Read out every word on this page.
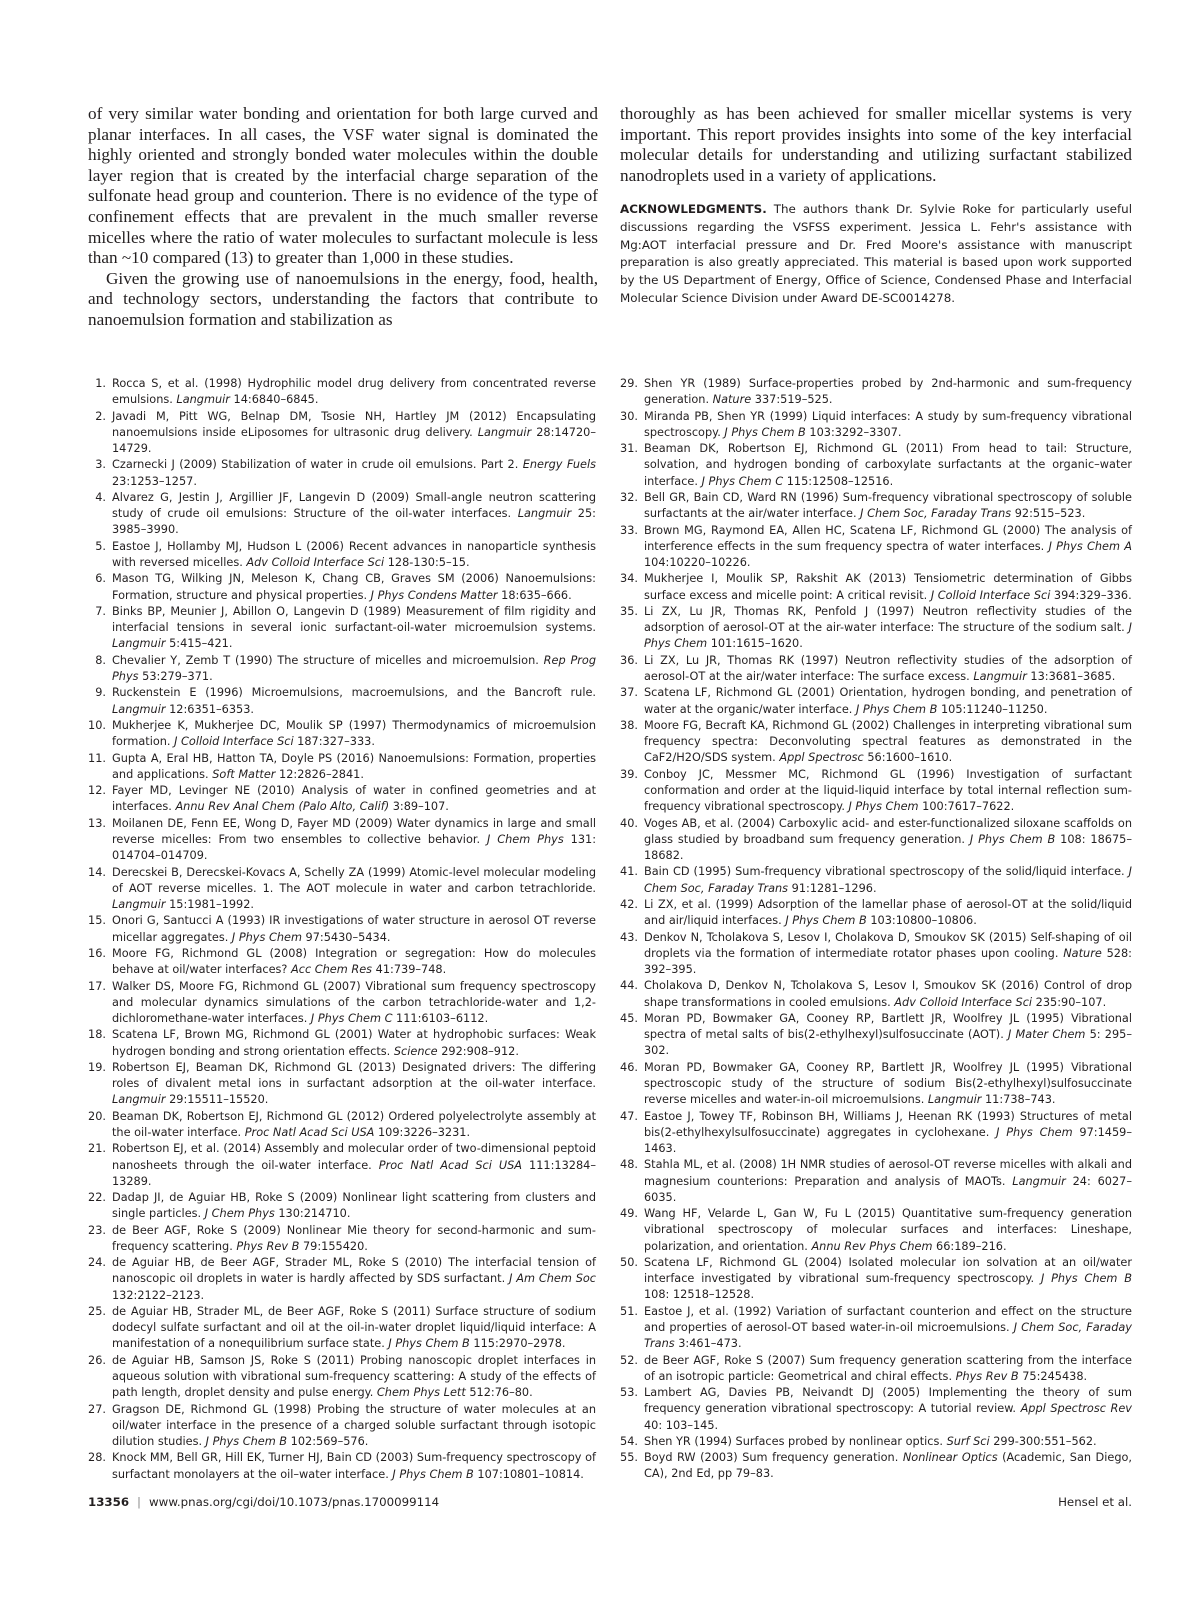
of very similar water bonding and orientation for both large curved and planar interfaces. In all cases, the VSF water signal is dominated the highly oriented and strongly bonded water molecules within the double layer region that is created by the interfacial charge separation of the sulfonate head group and counterion. There is no evidence of the type of confinement effects that are prevalent in the much smaller reverse micelles where the ratio of water molecules to surfactant molecule is less than ~10 compared (13) to greater than 1,000 in these studies.

Given the growing use of nanoemulsions in the energy, food, health, and technology sectors, understanding the factors that contribute to nanoemulsion formation and stabilization as

thoroughly as has been achieved for smaller micellar systems is very important. This report provides insights into some of the key interfacial molecular details for understanding and utilizing surfactant stabilized nanodroplets used in a variety of applications.

ACKNOWLEDGMENTS. The authors thank Dr. Sylvie Roke for particularly useful discussions regarding the VSFSS experiment. Jessica L. Fehr's assistance with Mg:AOT interfacial pressure and Dr. Fred Moore's assistance with manuscript preparation is also greatly appreciated. This material is based upon work supported by the US Department of Energy, Office of Science, Condensed Phase and Interfacial Molecular Science Division under Award DE-SC0014278.

1. Rocca S, et al. (1998) Hydrophilic model drug delivery from concentrated reverse emulsions. Langmuir 14:6840–6845.

2. Javadi M, Pitt WG, Belnap DM, Tsosie NH, Hartley JM (2012) Encapsulating nanoemulsions inside eLiposomes for ultrasonic drug delivery. Langmuir 28:14720–14729.

3. Czarnecki J (2009) Stabilization of water in crude oil emulsions. Part 2. Energy Fuels 23:1253–1257.

4. Alvarez G, Jestin J, Argillier JF, Langevin D (2009) Small-angle neutron scattering study of crude oil emulsions: Structure of the oil-water interfaces. Langmuir 25: 3985–3990.

5. Eastoe J, Hollamby MJ, Hudson L (2006) Recent advances in nanoparticle synthesis with reversed micelles. Adv Colloid Interface Sci 128-130:5–15.

6. Mason TG, Wilking JN, Meleson K, Chang CB, Graves SM (2006) Nanoemulsions: Formation, structure and physical properties. J Phys Condens Matter 18:635–666.

7. Binks BP, Meunier J, Abillon O, Langevin D (1989) Measurement of film rigidity and interfacial tensions in several ionic surfactant-oil-water microemulsion systems. Langmuir 5:415–421.

8. Chevalier Y, Zemb T (1990) The structure of micelles and microemulsion. Rep Prog Phys 53:279–371.

9. Ruckenstein E (1996) Microemulsions, macroemulsions, and the Bancroft rule. Langmuir 12:6351–6353.

10. Mukherjee K, Mukherjee DC, Moulik SP (1997) Thermodynamics of microemulsion formation. J Colloid Interface Sci 187:327–333.

11. Gupta A, Eral HB, Hatton TA, Doyle PS (2016) Nanoemulsions: Formation, properties and applications. Soft Matter 12:2826–2841.

12. Fayer MD, Levinger NE (2010) Analysis of water in confined geometries and at interfaces. Annu Rev Anal Chem (Palo Alto, Calif) 3:89–107.

13. Moilanen DE, Fenn EE, Wong D, Fayer MD (2009) Water dynamics in large and small reverse micelles: From two ensembles to collective behavior. J Chem Phys 131: 014704–014709.

14. Derecskei B, Derecskei-Kovacs A, Schelly ZA (1999) Atomic-level molecular modeling of AOT reverse micelles. 1. The AOT molecule in water and carbon tetrachloride. Langmuir 15:1981–1992.

15. Onori G, Santucci A (1993) IR investigations of water structure in aerosol OT reverse micellar aggregates. J Phys Chem 97:5430–5434.

16. Moore FG, Richmond GL (2008) Integration or segregation: How do molecules behave at oil/water interfaces? Acc Chem Res 41:739–748.

17. Walker DS, Moore FG, Richmond GL (2007) Vibrational sum frequency spectroscopy and molecular dynamics simulations of the carbon tetrachloride-water and 1,2-dichloromethane-water interfaces. J Phys Chem C 111:6103–6112.

18. Scatena LF, Brown MG, Richmond GL (2001) Water at hydrophobic surfaces: Weak hydrogen bonding and strong orientation effects. Science 292:908–912.

19. Robertson EJ, Beaman DK, Richmond GL (2013) Designated drivers: The differing roles of divalent metal ions in surfactant adsorption at the oil-water interface. Langmuir 29:15511–15520.

20. Beaman DK, Robertson EJ, Richmond GL (2012) Ordered polyelectrolyte assembly at the oil-water interface. Proc Natl Acad Sci USA 109:3226–3231.

21. Robertson EJ, et al. (2014) Assembly and molecular order of two-dimensional peptoid nanosheets through the oil-water interface. Proc Natl Acad Sci USA 111:13284–13289.

22. Dadap JI, de Aguiar HB, Roke S (2009) Nonlinear light scattering from clusters and single particles. J Chem Phys 130:214710.

23. de Beer AGF, Roke S (2009) Nonlinear Mie theory for second-harmonic and sum-frequency scattering. Phys Rev B 79:155420.

24. de Aguiar HB, de Beer AGF, Strader ML, Roke S (2010) The interfacial tension of nanoscopic oil droplets in water is hardly affected by SDS surfactant. J Am Chem Soc 132:2122–2123.

25. de Aguiar HB, Strader ML, de Beer AGF, Roke S (2011) Surface structure of sodium dodecyl sulfate surfactant and oil at the oil-in-water droplet liquid/liquid interface: A manifestation of a nonequilibrium surface state. J Phys Chem B 115:2970–2978.

26. de Aguiar HB, Samson JS, Roke S (2011) Probing nanoscopic droplet interfaces in aqueous solution with vibrational sum-frequency scattering: A study of the effects of path length, droplet density and pulse energy. Chem Phys Lett 512:76–80.

27. Gragson DE, Richmond GL (1998) Probing the structure of water molecules at an oil/water interface in the presence of a charged soluble surfactant through isotopic dilution studies. J Phys Chem B 102:569–576.

28. Knock MM, Bell GR, Hill EK, Turner HJ, Bain CD (2003) Sum-frequency spectroscopy of surfactant monolayers at the oil–water interface. J Phys Chem B 107:10801–10814.

29. Shen YR (1989) Surface-properties probed by 2nd-harmonic and sum-frequency generation. Nature 337:519–525.

30. Miranda PB, Shen YR (1999) Liquid interfaces: A study by sum-frequency vibrational spectroscopy. J Phys Chem B 103:3292–3307.

31. Beaman DK, Robertson EJ, Richmond GL (2011) From head to tail: Structure, solvation, and hydrogen bonding of carboxylate surfactants at the organic–water interface. J Phys Chem C 115:12508–12516.

32. Bell GR, Bain CD, Ward RN (1996) Sum-frequency vibrational spectroscopy of soluble surfactants at the air/water interface. J Chem Soc, Faraday Trans 92:515–523.

33. Brown MG, Raymond EA, Allen HC, Scatena LF, Richmond GL (2000) The analysis of interference effects in the sum frequency spectra of water interfaces. J Phys Chem A 104:10220–10226.

34. Mukherjee I, Moulik SP, Rakshit AK (2013) Tensiometric determination of Gibbs surface excess and micelle point: A critical revisit. J Colloid Interface Sci 394:329–336.

35. Li ZX, Lu JR, Thomas RK, Penfold J (1997) Neutron reflectivity studies of the adsorption of aerosol-OT at the air-water interface: The structure of the sodium salt. J Phys Chem 101:1615–1620.

36. Li ZX, Lu JR, Thomas RK (1997) Neutron reflectivity studies of the adsorption of aerosol-OT at the air/water interface: The surface excess. Langmuir 13:3681–3685.

37. Scatena LF, Richmond GL (2001) Orientation, hydrogen bonding, and penetration of water at the organic/water interface. J Phys Chem B 105:11240–11250.

38. Moore FG, Becraft KA, Richmond GL (2002) Challenges in interpreting vibrational sum frequency spectra: Deconvoluting spectral features as demonstrated in the CaF2/H2O/SDS system. Appl Spectrosc 56:1600–1610.

39. Conboy JC, Messmer MC, Richmond GL (1996) Investigation of surfactant conformation and order at the liquid-liquid interface by total internal reflection sum-frequency vibrational spectroscopy. J Phys Chem 100:7617–7622.

40. Voges AB, et al. (2004) Carboxylic acid- and ester-functionalized siloxane scaffolds on glass studied by broadband sum frequency generation. J Phys Chem B 108: 18675–18682.

41. Bain CD (1995) Sum-frequency vibrational spectroscopy of the solid/liquid interface. J Chem Soc, Faraday Trans 91:1281–1296.

42. Li ZX, et al. (1999) Adsorption of the lamellar phase of aerosol-OT at the solid/liquid and air/liquid interfaces. J Phys Chem B 103:10800–10806.

43. Denkov N, Tcholakova S, Lesov I, Cholakova D, Smoukov SK (2015) Self-shaping of oil droplets via the formation of intermediate rotator phases upon cooling. Nature 528: 392–395.

44. Cholakova D, Denkov N, Tcholakova S, Lesov I, Smoukov SK (2016) Control of drop shape transformations in cooled emulsions. Adv Colloid Interface Sci 235:90–107.

45. Moran PD, Bowmaker GA, Cooney RP, Bartlett JR, Woolfrey JL (1995) Vibrational spectra of metal salts of bis(2-ethylhexyl)sulfosuccinate (AOT). J Mater Chem 5: 295–302.

46. Moran PD, Bowmaker GA, Cooney RP, Bartlett JR, Woolfrey JL (1995) Vibrational spectroscopic study of the structure of sodium Bis(2-ethylhexyl)sulfosuccinate reverse micelles and water-in-oil microemulsions. Langmuir 11:738–743.

47. Eastoe J, Towey TF, Robinson BH, Williams J, Heenan RK (1993) Structures of metal bis(2-ethylhexylsulfosuccinate) aggregates in cyclohexane. J Phys Chem 97:1459–1463.

48. Stahla ML, et al. (2008) 1H NMR studies of aerosol-OT reverse micelles with alkali and magnesium counterions: Preparation and analysis of MAOTs. Langmuir 24: 6027–6035.

49. Wang HF, Velarde L, Gan W, Fu L (2015) Quantitative sum-frequency generation vibrational spectroscopy of molecular surfaces and interfaces: Lineshape, polarization, and orientation. Annu Rev Phys Chem 66:189–216.

50. Scatena LF, Richmond GL (2004) Isolated molecular ion solvation at an oil/water interface investigated by vibrational sum-frequency spectroscopy. J Phys Chem B 108: 12518–12528.

51. Eastoe J, et al. (1992) Variation of surfactant counterion and effect on the structure and properties of aerosol-OT based water-in-oil microemulsions. J Chem Soc, Faraday Trans 3:461–473.

52. de Beer AGF, Roke S (2007) Sum frequency generation scattering from the interface of an isotropic particle: Geometrical and chiral effects. Phys Rev B 75:245438.

53. Lambert AG, Davies PB, Neivandt DJ (2005) Implementing the theory of sum frequency generation vibrational spectroscopy: A tutorial review. Appl Spectrosc Rev 40: 103–145.

54. Shen YR (1994) Surfaces probed by nonlinear optics. Surf Sci 299-300:551–562.

55. Boyd RW (2003) Sum frequency generation. Nonlinear Optics (Academic, San Diego, CA), 2nd Ed, pp 79–83.

13356 | www.pnas.org/cgi/doi/10.1073/pnas.1700099114	Hensel et al.
